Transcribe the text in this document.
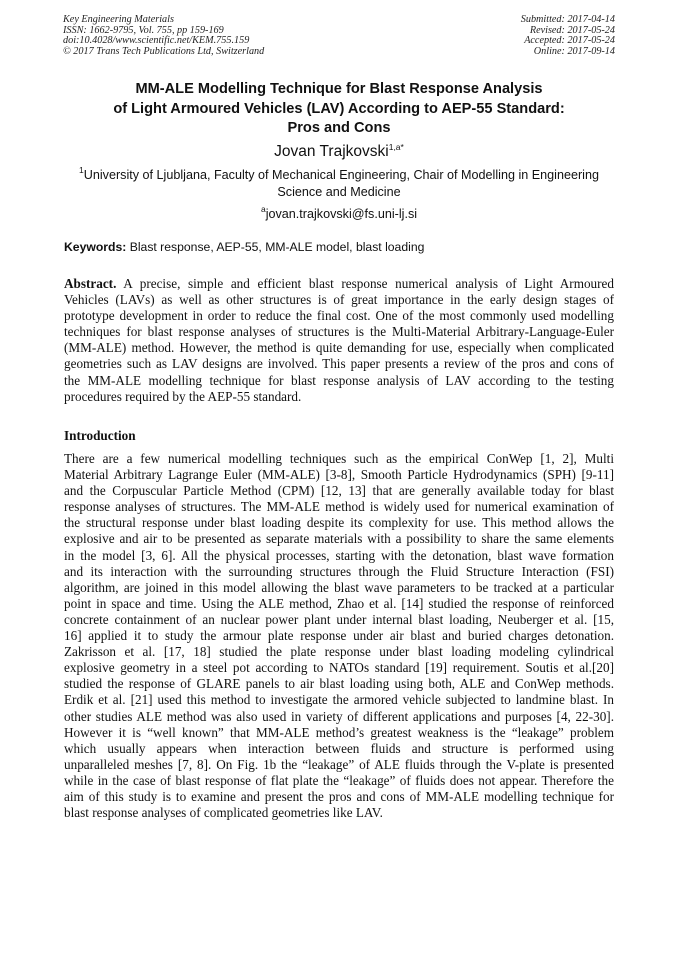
Key Engineering Materials
ISSN: 1662-9795, Vol. 755, pp 159-169
doi:10.4028/www.scientific.net/KEM.755.159
© 2017 Trans Tech Publications Ltd, Switzerland
Submitted: 2017-04-14
Revised: 2017-05-24
Accepted: 2017-05-24
Online: 2017-09-14
MM-ALE Modelling Technique for Blast Response Analysis
of Light Armoured Vehicles (LAV) According to AEP-55 Standard:
Pros and Cons
Jovan Trajkovski$^{1,a*}$
$^1$University of Ljubljana, Faculty of Mechanical Engineering, Chair of Modelling in Engineering
Science and Medicine
$^a$jovan.trajkovski@fs.uni-lj.si
Keywords: Blast response, AEP-55, MM-ALE model, blast loading
Abstract. A precise, simple and efficient blast response numerical analysis of Light Armoured
Vehicles (LAVs) as well as other structures is of great importance in the early design stages of
prototype development in order to reduce the final cost. One of the most commonly used modelling
techniques for blast response analyses of structures is the Multi-Material Arbitrary-Language-Euler
(MM-ALE) method. However, the method is quite demanding for use, especially when complicated
geometries such as LAV designs are involved. This paper presents a review of the pros and cons of
the MM-ALE modelling technique for blast response analysis of LAV according to the testing
procedures required by the AEP-55 standard.
Introduction
There are a few numerical modelling techniques such as the empirical ConWep [1, 2], Multi
Material Arbitrary Lagrange Euler (MM-ALE) [3-8], Smooth Particle Hydrodynamics (SPH) [9-11]
and the Corpuscular Particle Method (CPM) [12, 13] that are generally available today for blast
response analyses of structures. The MM-ALE method is widely used for numerical examination of
the structural response under blast loading despite its complexity for use. This method allows the
explosive and air to be presented as separate materials with a possibility to share the same elements
in the model [3, 6]. All the physical processes, starting with the detonation, blast wave formation
and its interaction with the surrounding structures through the Fluid Structure Interaction (FSI)
algorithm, are joined in this model allowing the blast wave parameters to be tracked at a particular
point in space and time. Using the ALE method, Zhao et al. [14] studied the response of reinforced
concrete containment of an nuclear power plant under internal blast loading, Neuberger et al. [15,
16] applied it to study the armour plate response under air blast and buried charges detonation.
Zakrisson et al. [17, 18] studied the plate response under blast loading modeling cylindrical
explosive geometry in a steel pot according to NATOs standard [19] requirement. Soutis et al.[20]
studied the response of GLARE panels to air blast loading using both, ALE and ConWep methods.
Erdik et al. [21] used this method to investigate the armored vehicle subjected to landmine blast. In
other studies ALE method was also used in variety of different applications and purposes [4, 22-30].
However it is “well known” that MM-ALE method’s greatest weakness is the “leakage” problem
which usually appears when interaction between fluids and structure is performed using
unparalleled meshes [7, 8]. On Fig. 1b the “leakage” of ALE fluids through the V-plate is presented
while in the case of blast response of flat plate the “leakage” of fluids does not appear. Therefore the
aim of this study is to examine and present the pros and cons of MM-ALE modelling technique for
blast response analyses of complicated geometries like LAV.
